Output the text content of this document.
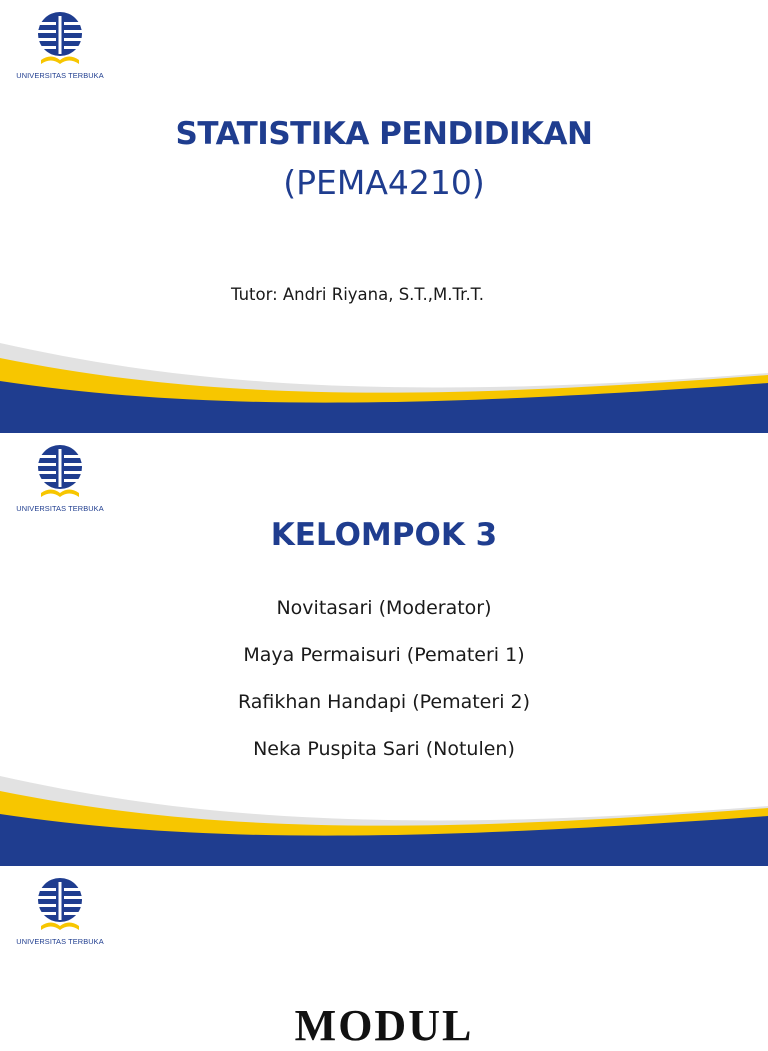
UNIVERSITAS TERBUKA
STATISTIKA PENDIDIKAN
(PEMA4210)
Tutor: Andri Riyana, S.T.,M.Tr.T.
UNIVERSITAS TERBUKA
KELOMPOK 3
Novitasari (Moderator)
Maya Permaisuri (Pemateri 1)
Rafikhan Handapi (Pemateri 2)
Neka Puspita Sari (Notulen)
UNIVERSITAS TERBUKA
MODUL
